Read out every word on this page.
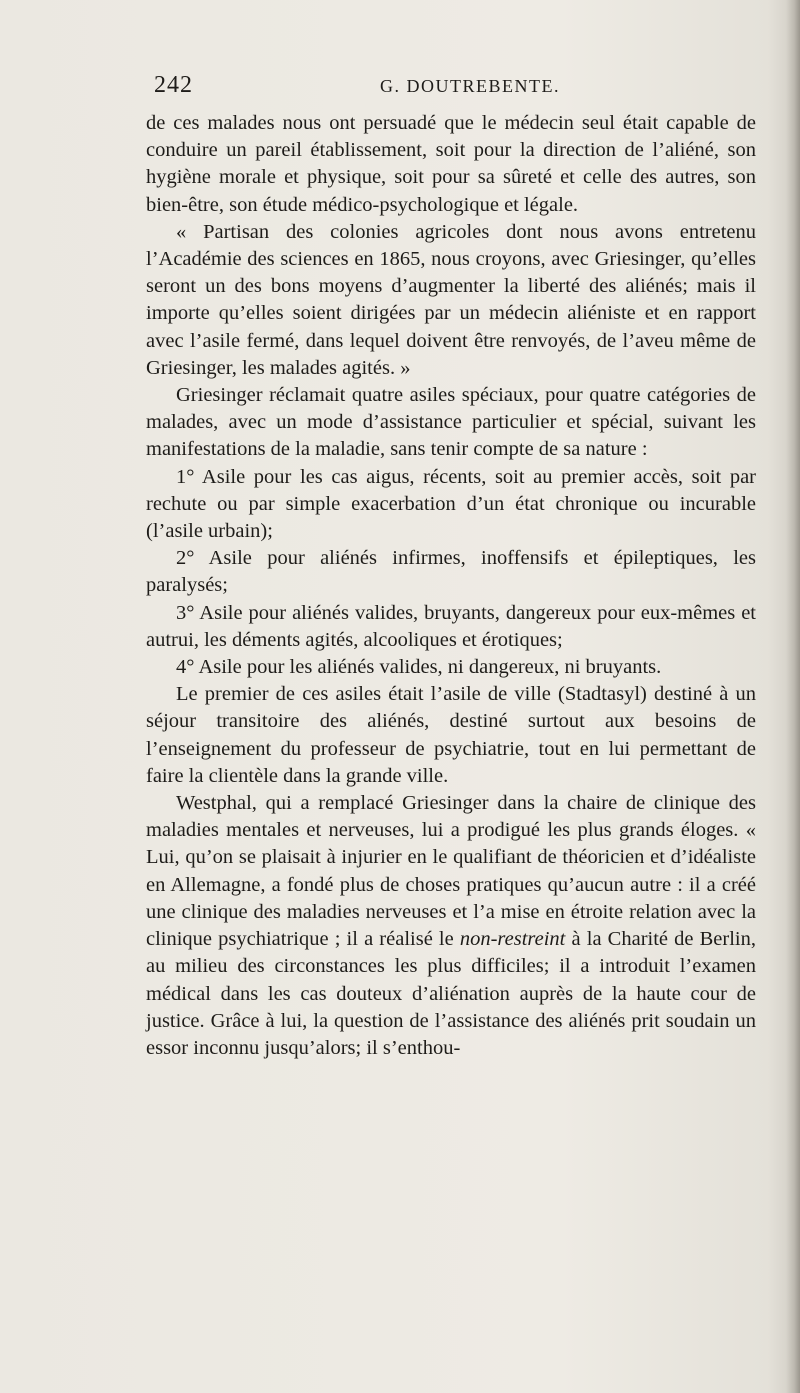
242	G. DOUTREBENTE.

de ces malades nous ont persuadé que le médecin seul était capable de conduire un pareil établissement, soit pour la direction de l’aliéné, son hygiène morale et physique, soit pour sa sûreté et celle des autres, son bien-être, son étude médico-psychologique et légale.

« Partisan des colonies agricoles dont nous avons entretenu l’Académie des sciences en 1865, nous croyons, avec Griesinger, qu’elles seront un des bons moyens d’augmenter la liberté des aliénés; mais il importe qu’elles soient dirigées par un médecin aliéniste et en rapport avec l’asile fermé, dans lequel doivent être renvoyés, de l’aveu même de Griesinger, les malades agités. »

Griesinger réclamait quatre asiles spéciaux, pour quatre catégories de malades, avec un mode d’assistance particulier et spécial, suivant les manifestations de la maladie, sans tenir compte de sa nature :

1° Asile pour les cas aigus, récents, soit au premier accès, soit par rechute ou par simple exacerbation d’un état chronique ou incurable (l’asile urbain);

2° Asile pour aliénés infirmes, inoffensifs et épileptiques, les paralysés;

3° Asile pour aliénés valides, bruyants, dangereux pour eux-mêmes et autrui, les déments agités, alcooliques et érotiques;

4° Asile pour les aliénés valides, ni dangereux, ni bruyants.

Le premier de ces asiles était l’asile de ville (Stadtasyl) destiné à un séjour transitoire des aliénés, destiné surtout aux besoins de l’enseignement du professeur de psychiatrie, tout en lui permettant de faire la clientèle dans la grande ville.

Westphal, qui a remplacé Griesinger dans la chaire de clinique des maladies mentales et nerveuses, lui a prodigué les plus grands éloges. « Lui, qu’on se plaisait à injurier en le qualifiant de théoricien et d’idéaliste en Allemagne, a fondé plus de choses pratiques qu’aucun autre : il a créé une clinique des maladies nerveuses et l’a mise en étroite relation avec la clinique psychiatrique ; il a réalisé le non-restreint à la Charité de Berlin, au milieu des circonstances les plus difficiles; il a introduit l’examen médical dans les cas douteux d’aliénation auprès de la haute cour de justice. Grâce à lui, la question de l’assistance des aliénés prit soudain un essor inconnu jusqu’alors; il s’enthou-
